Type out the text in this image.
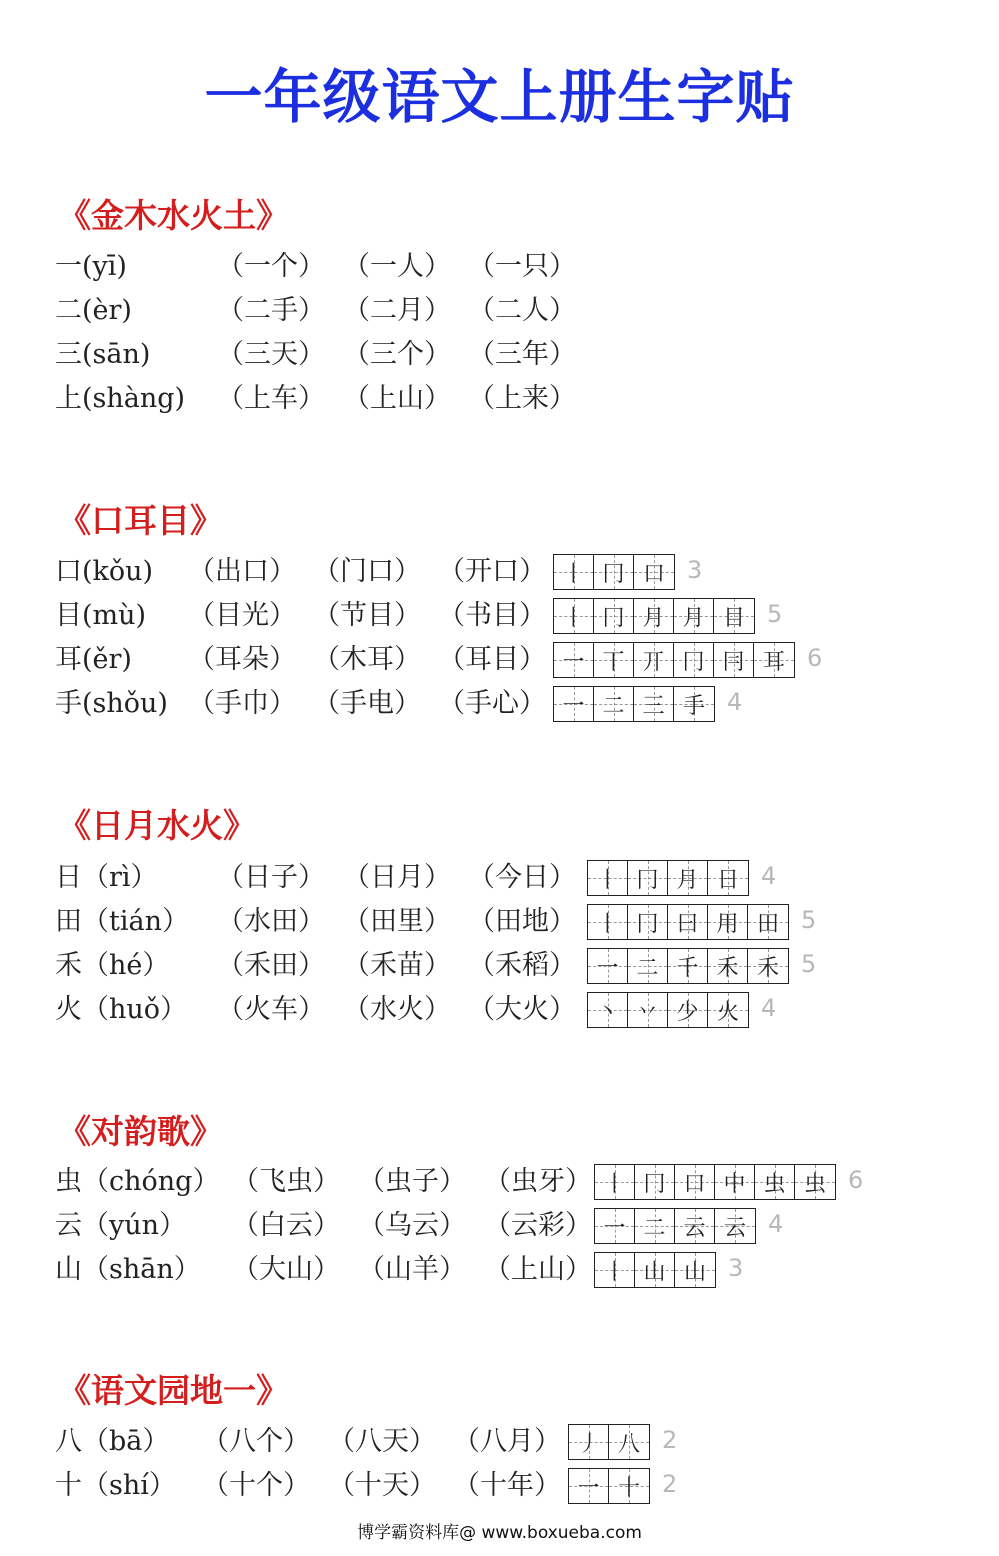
一年级语文上册生字贴
《金木水火土》
一(yī)	（一个） （一人） （一只）
二(èr)	（二手） （二月） （二人）
三(sān) （三天） （三个） （三年）
上(shàng) （上车） （上山） （上来）
《口耳目》
口(kǒu) （出口） （门口） （开口） 丨 冂 口 3
目(mù) （目光） （节目） （书目） 丨 冂 月 月 目 5
耳(ěr) （耳朵） （木耳） （耳目） 一 丅 丌 冂 冃 耳 6
手(shǒu) （手巾） （手电） （手心） 一 二 三 手 4
《日月水火》
日（rì） （日子） （日月） （今日） 丨 冂 月 日 4
田（tián） （水田） （田里） （田地） 丨 冂 曰 用 田 5
禾（hé） （禾田） （禾苗） （禾稻） 一 二 千 禾 禾 5
火（huǒ） （火车） （水火） （大火） 丶 丷 少 火 4
《对韵歌》
虫（chóng） （飞虫） （虫子） （虫牙） 丨 冂 口 中 虫 虫 6
云（yún） （白云） （乌云） （云彩） 一 二 云 云 4
山（shān） （大山） （山羊） （上山） 丨 山 山 3
《语文园地一》
八（bā） （八个） （八天） （八月） 丿 八 2
十（shí） （十个） （十天） （十年） 一 十 2
博学霸资料库@ www.boxueba.com
